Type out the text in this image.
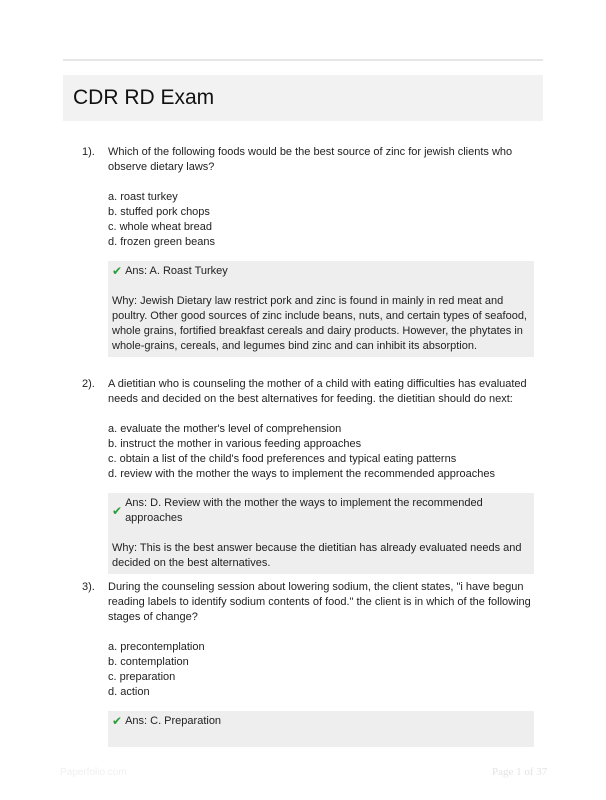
CDR RD Exam
1). Which of the following foods would be the best source of zinc for jewish clients who observe dietary laws?

a. roast turkey
b. stuffed pork chops
c. whole wheat bread
d. frozen green beans
✔ Ans: A. Roast Turkey
Why: Jewish Dietary law restrict pork and zinc is found in mainly in red meat and poultry. Other good sources of zinc include beans, nuts, and certain types of seafood, whole grains, fortified breakfast cereals and dairy products. However, the phytates in whole-grains, cereals, and legumes bind zinc and can inhibit its absorption.
2). A dietitian who is counseling the mother of a child with eating difficulties has evaluated needs and decided on the best alternatives for feeding. the dietitian should do next:

a. evaluate the mother's level of comprehension
b. instruct the mother in various feeding approaches
c. obtain a list of the child's food preferences and typical eating patterns
d. review with the mother the ways to implement the recommended approaches
✔
Ans: D. Review with the mother the ways to implement the recommended approaches
Why: This is the best answer because the dietitian has already evaluated needs and decided on the best alternatives.
3). During the counseling session about lowering sodium, the client states, "i have begun reading labels to identify sodium contents of food." the client is in which of the following stages of change?

a. precontemplation
b. contemplation
c. preparation
d. action
✔ Ans: C. Preparation
Paperfolio.com	Page 1 of 37
